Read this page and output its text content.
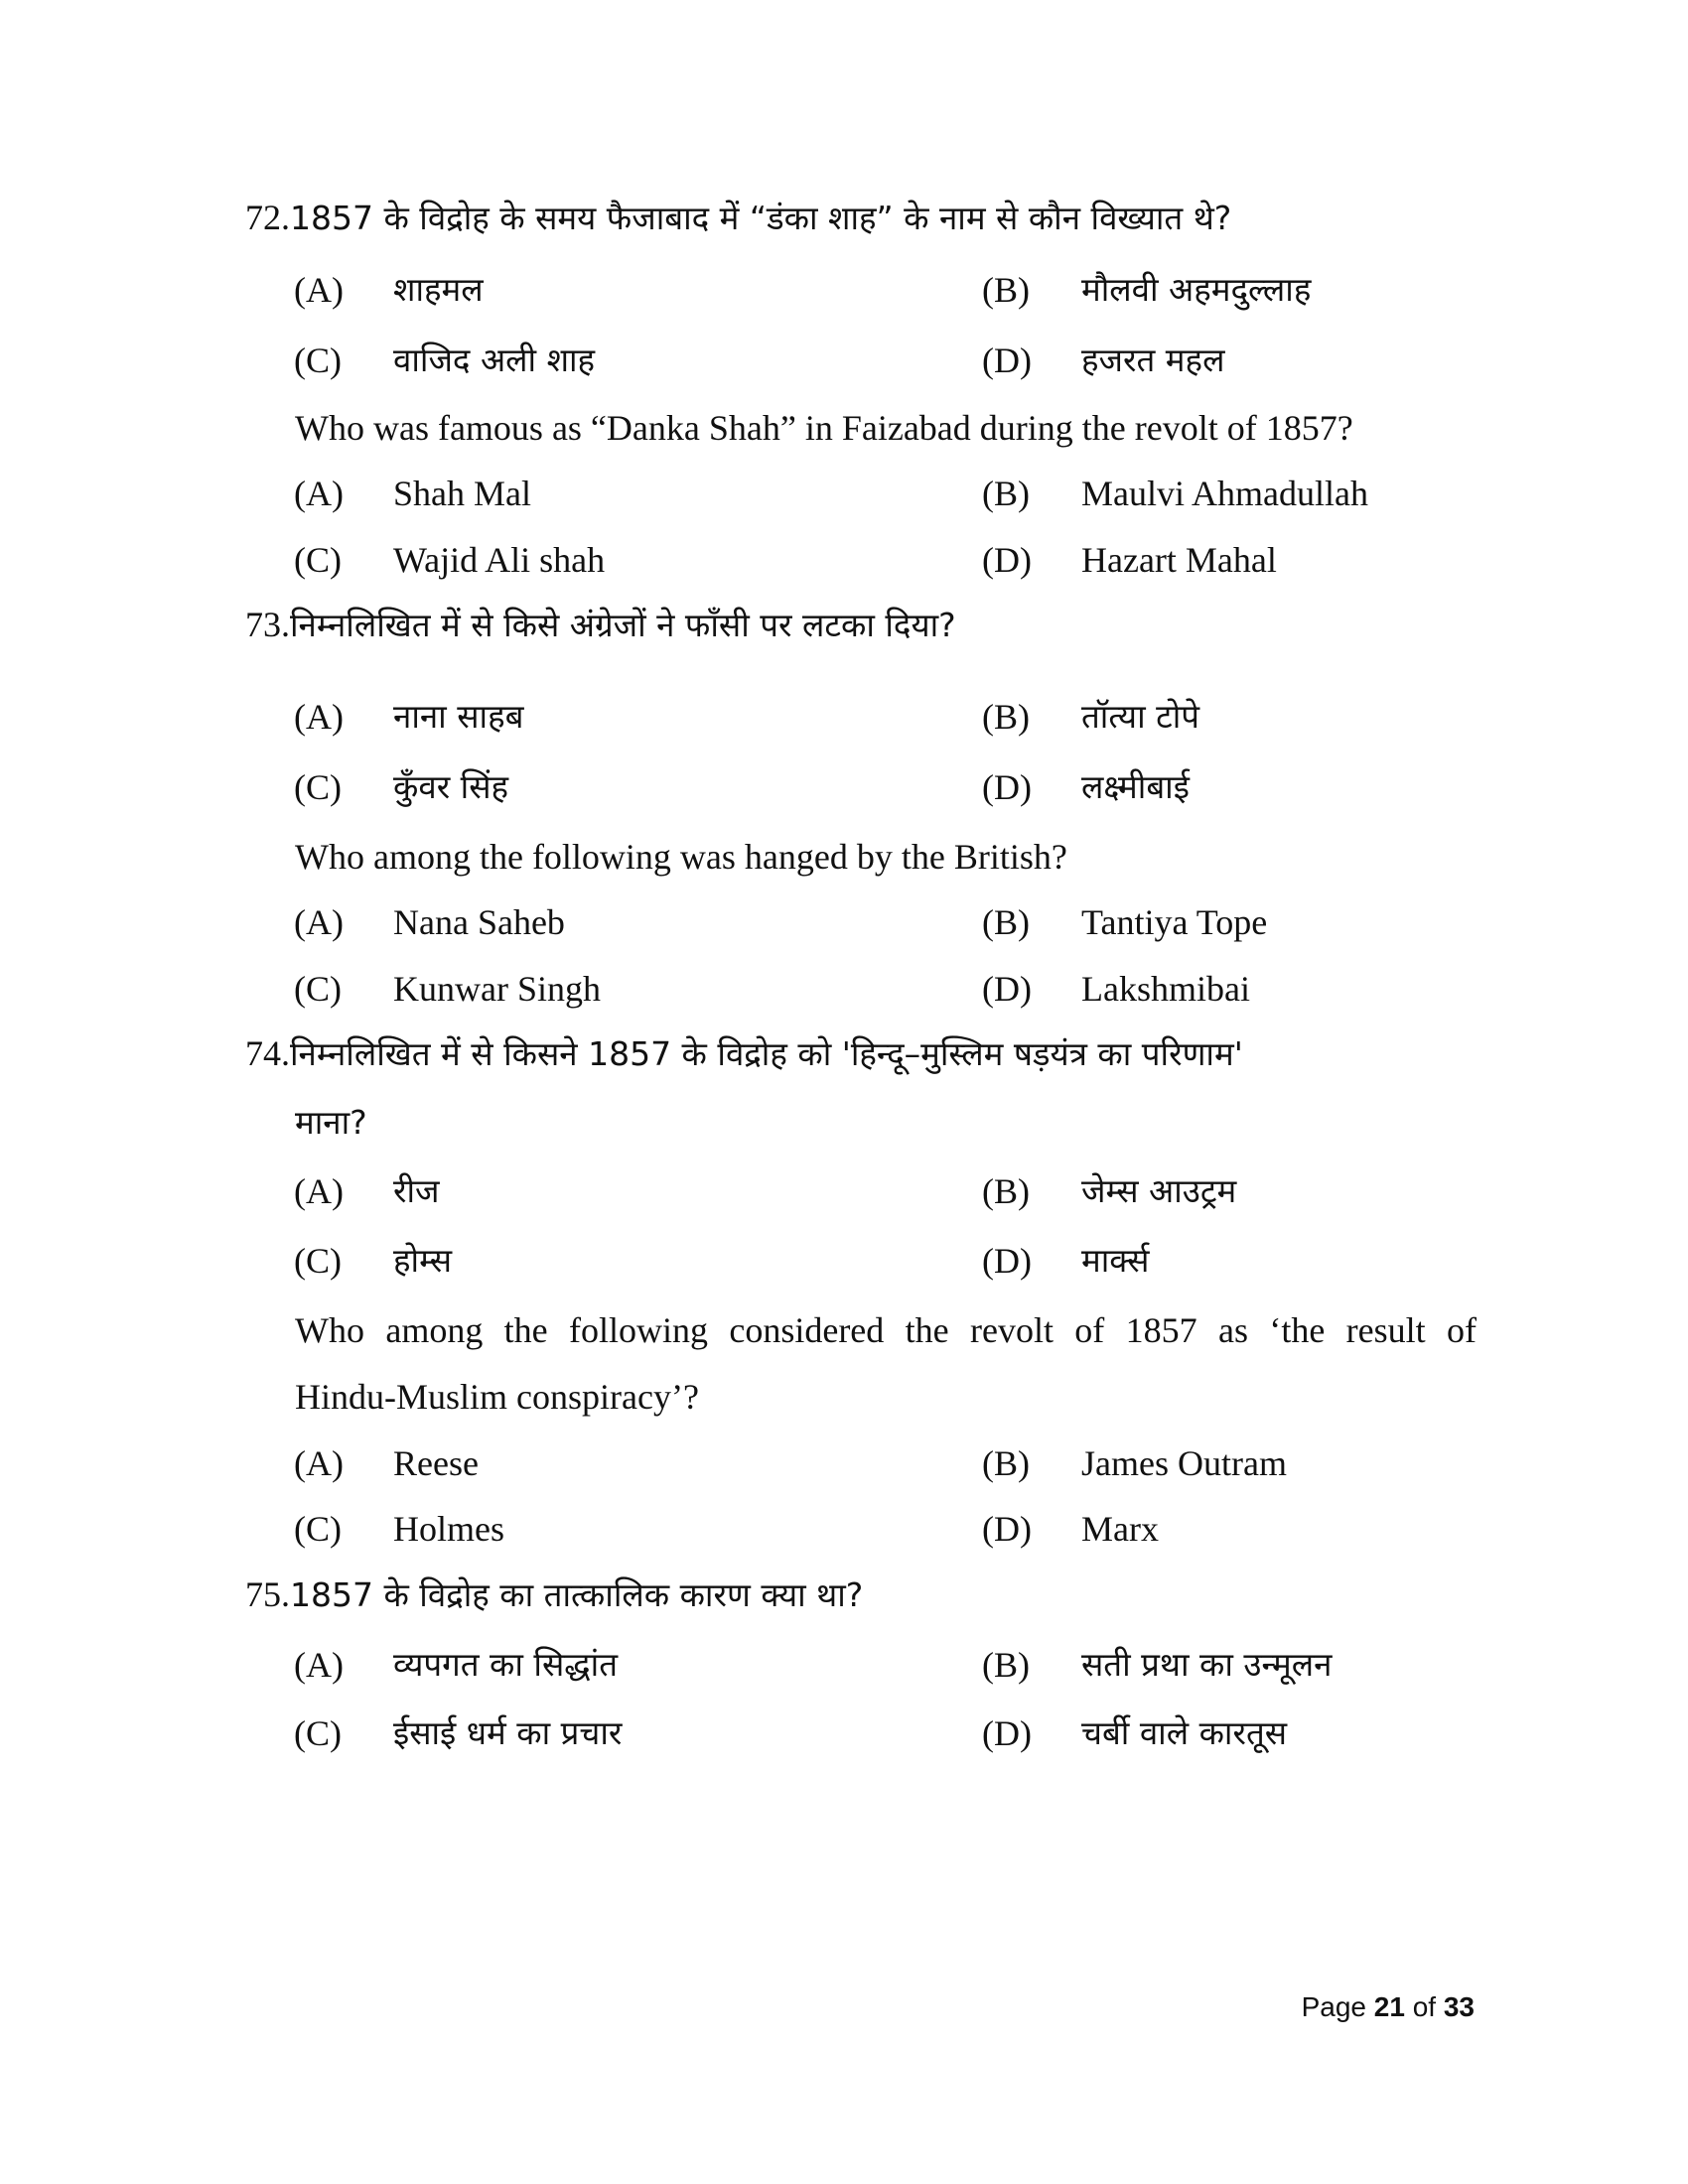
72.1857 के विद्रोह के समय फैजाबाद में “डंका शाह” के नाम से कौन विख्यात थे?
(A) शाहमल	(B) मौलवी अहमदुल्लाह
(C) वाजिद अली शाह	(D) हजरत महल
Who was famous as “Danka Shah” in Faizabad during the revolt of 1857?
(A) Shah Mal	(B) Maulvi Ahmadullah
(C) Wajid Ali shah	(D) Hazart Mahal
73.निम्नलिखित में से किसे अंग्रेजों ने फाँसी पर लटका दिया?
(A) नाना साहब	(B) तॉत्या टोपे
(C) कुँवर सिंह	(D) लक्ष्मीबाई
Who among the following was hanged by the British?
(A) Nana Saheb	(B) Tantiya Tope
(C) Kunwar Singh	(D) Lakshmibai
74.निम्नलिखित में से किसने 1857 के विद्रोह को 'हिन्दू–मुस्लिम षड़यंत्र का परिणाम'
माना?
(A) रीज	(B) जेम्स आउट्रम
(C) होम्स	(D) मार्क्स
Who among the following considered the revolt of 1857 as ‘the result of
Hindu-Muslim conspiracy’?
(A) Reese	(B) James Outram
(C) Holmes	(D) Marx
75.1857 के विद्रोह का तात्कालिक कारण क्या था?
(A) व्यपगत का सिद्धांत	(B) सती प्रथा का उन्मूलन
(C) ईसाई धर्म का प्रचार	(D) चर्बी वाले कारतूस
Page 21 of 33
